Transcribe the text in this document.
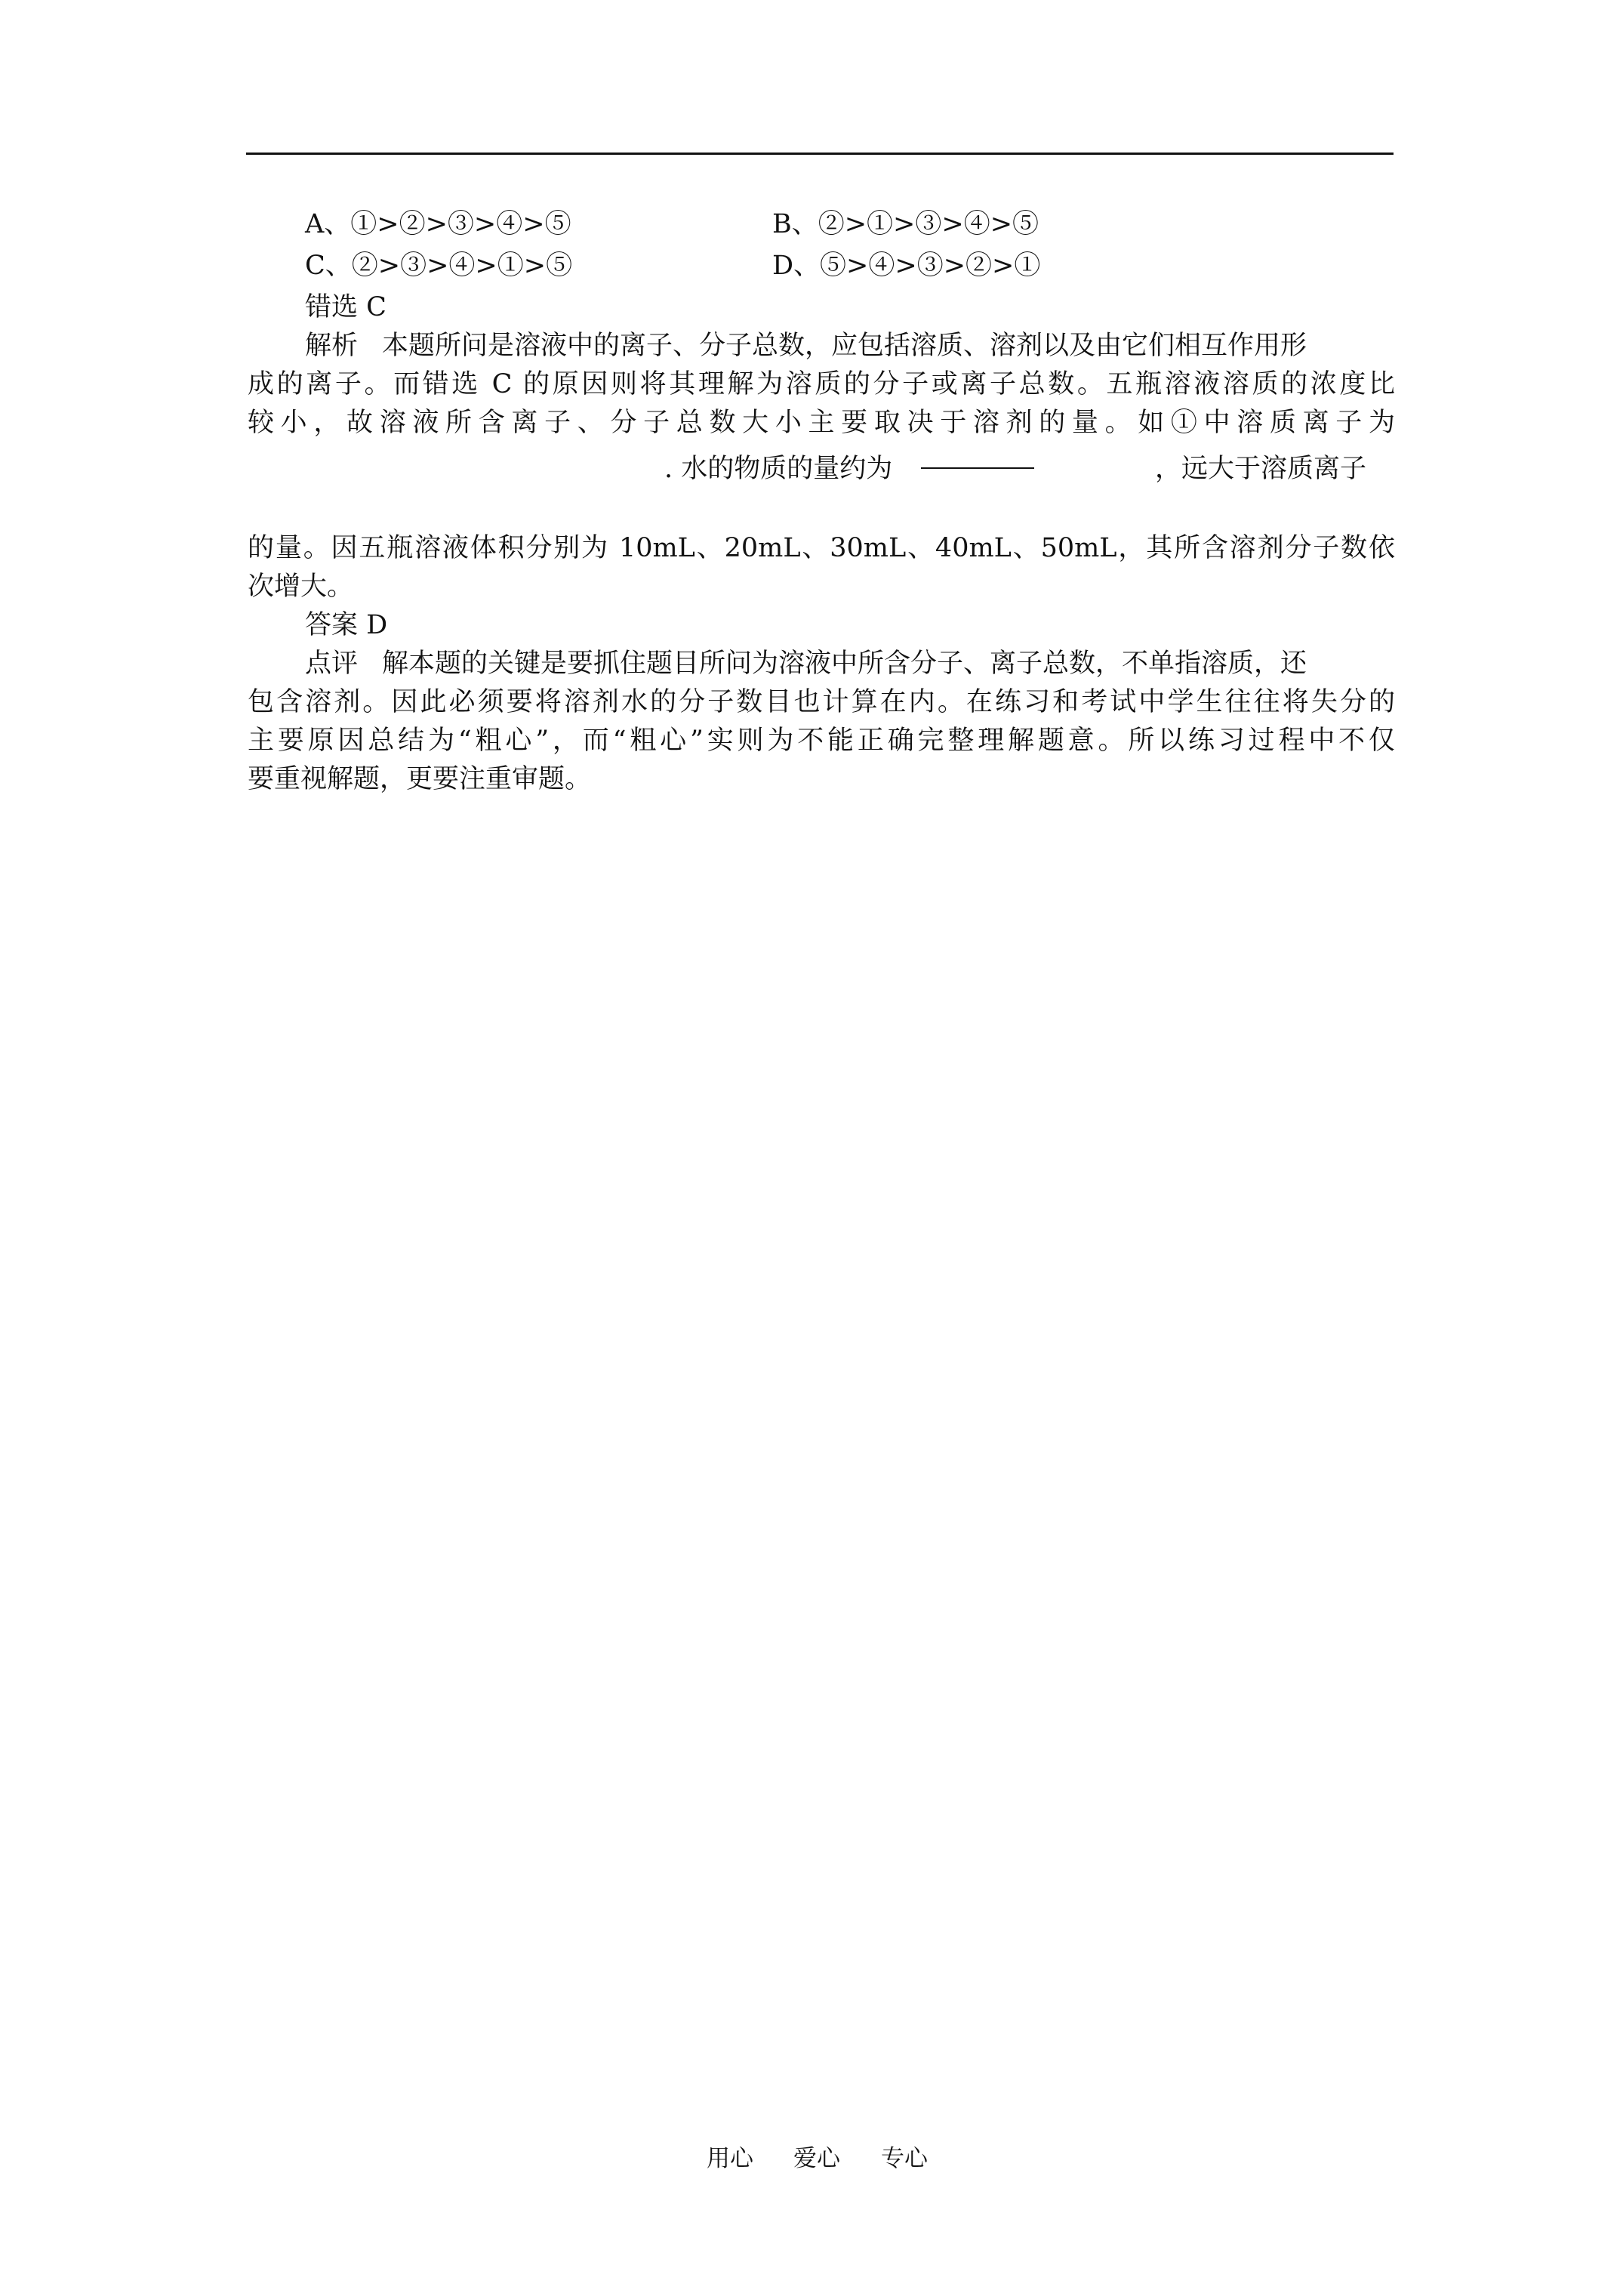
A、①>②>③>④>⑤	B、②>①>③>④>⑤
C、②>③>④>①>⑤	D、⑤>④>③>②>①
错选 C
解析 本题所问是溶液中的离子、分子总数，应包括溶质、溶剂以及由它们相互作用形
成的离子。而错选 C 的原因则将其理解为溶质的分子或离子总数。五瓶溶液溶质的浓度比
较小，故溶液所含离子、分子总数大小主要取决于溶剂的量。如①中溶质离子为
. 水的物质的量约为	，远大于溶质离子
的量。因五瓶溶液体积分别为 10mL、20mL、30mL、40mL、50mL，其所含溶剂分子数依
次增大。
答案 D
点评 解本题的关键是要抓住题目所问为溶液中所含分子、离子总数，不单指溶质，还
包含溶剂。因此必须要将溶剂水的分子数目也计算在内。在练习和考试中学生往往将失分的
主要原因总结为“粗心”，而“粗心”实则为不能正确完整理解题意。所以练习过程中不仅
要重视解题，更要注重审题。
用心 爱心 专心
